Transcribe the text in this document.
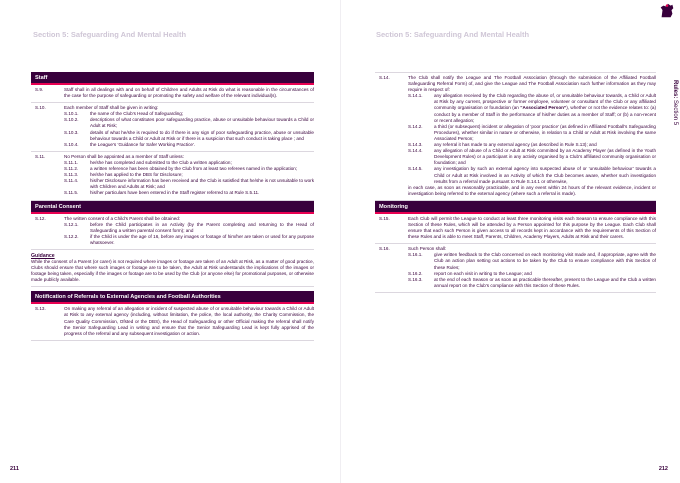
Section 5: Safeguarding And Mental Health
Staff
S.9.	Staff shall in all dealings with and on behalf of Children and Adults at Risk do what is reasonable in the circumstances of the case for the purpose of safeguarding or promoting the safety and welfare of the relevant individual(s).
S.10.	Each member of Staff shall be given in writing:
S.10.1.	the name of the Club’s Head of Safeguarding;
S.10.2.	descriptions of what constitutes poor safeguarding practice, abuse or unsuitable behaviour towards a Child or Adult at Risk;
S.10.3.	details of what he/she is required to do if there is any sign of poor safeguarding practice, abuse or unsuitable behaviour towards a Child or Adult at Risk or if there is a suspicion that such conduct is taking place ; and
S.10.4.	the League’s ‘Guidance for Safer Working Practice’.
S.11.	No Person shall be appointed as a member of Staff unless:
S.11.1.	he/she has completed and submitted to the Club a written application;
S.11.2.	a written reference has been obtained by the Club from at least two referees named in the application;
S.11.3.	he/she has applied to the DBS for Disclosure;
S.11.4.	his/her Disclosure information has been received and the Club is satisfied that he/she is not unsuitable to work with Children and Adults at Risk; and
S.11.5.	his/her particulars have been entered in the Staff register referred to at Rule S.5.11.
Parental Consent
S.12.	The written consent of a Child’s Parent shall be obtained:
S.12.1.	before the Child participates in an Activity (by the Parent completing and returning to the Head of Safeguarding a written parental consent form); and
S.12.2.	if the Child is under the age of 16, before any images or footage of him/her are taken or used for any purpose whatsoever.
Guidance
While the consent of a Parent (or carer) is not required where images or footage are taken of an Adult at Risk, as a matter of good practice, Clubs should ensure that where such images or footage are to be taken, the Adult at Risk understands the implications of the images or footage being taken, especially if the images or footage are to be used by the Club (or anyone else) for promotional purposes, or otherwise made publicly available.
Notification of Referrals to External Agencies and Football Authorities
S.13.	On making any referral of an allegation or incident of suspected abuse of or unsuitable behaviour towards a Child or Adult at Risk to any external agency (including, without limitation, the police, the local authority, the Charity Commission, the Care Quality Commission, Ofsted or the DBS), the Head of Safeguarding or other Official making the referral shall notify the Senior Safeguarding Lead in writing and ensure that the Senior Safeguarding Lead is kept fully apprised of the progress of the referral and any subsequent investigation or action.
211
Rules: Section 5
Section 5: Safeguarding And Mental Health
S.14.	The Club shall notify the League and The Football Association (through the submission of the Affiliated Football Safeguarding Referral Form) of, and give the League and The Football Association such further information as they may require in respect of:
S.14.1.	any allegation received by the Club regarding the abuse of, or unsuitable behaviour towards, a Child or Adult at Risk by any current, prospective or former employee, volunteer or consultant of the Club or any affiliated community organisation or foundation (an “Associated Person”), whether or not the evidence relates to: (a) conduct by a member of Staff in the performance of his/her duties as a member of Staff; or (b) a non-recent or recent allegation;
S.14.2.	a third (or subsequent) incident or allegation of ‘poor practice’ (as defined in Affiliated Football’s Safeguarding Procedures), whether similar in nature or otherwise, in relation to a Child or Adult at Risk involving the same Associated Person;
S.14.3.	any referral it has made to any external agency (as described in Rule S.13); and
S.14.4.	any allegation of abuse of a Child or Adult at Risk committed by an Academy Player (as defined in the Youth Development Rules) or a participant in any activity organised by a Club’s affiliated community organisation or foundation; and
S.14.5.	any investigation by such an external agency into suspected abuse of or ‘unsuitable behaviour’ towards a Child or Adult at Risk involved in an Activity of which the Club becomes aware, whether such investigation results from a referral made pursuant to Rule S.14.1 or otherwise,
in each case, as soon as reasonably practicable, and in any event within 24 hours of the relevant evidence, incident or investigation being referred to the external agency (where such a referral is made).
Monitoring
S.15.	Each Club will permit the League to conduct at least three monitoring visits each Season to ensure compliance with this Section of these Rules, which will be attended by a Person appointed for this purpose by the League. Each Club shall ensure that each such Person is given access to all records kept in accordance with the requirements of this Section of these Rules and is able to meet Staff, Parents, Children, Academy Players, Adults at Risk and their carers.
S.16.	Such Person shall:
S.16.1.	give written feedback to the Club concerned on each monitoring visit made and, if appropriate, agree with the Club an action plan setting out actions to be taken by the Club to ensure compliance with this Section of these Rules;
S.16.2.	report on each visit in writing to the League; and
S.16.3.	at the end of each Season or as soon as practicable thereafter, present to the League and the Club a written annual report on the Club’s compliance with this Section of these Rules.
212
